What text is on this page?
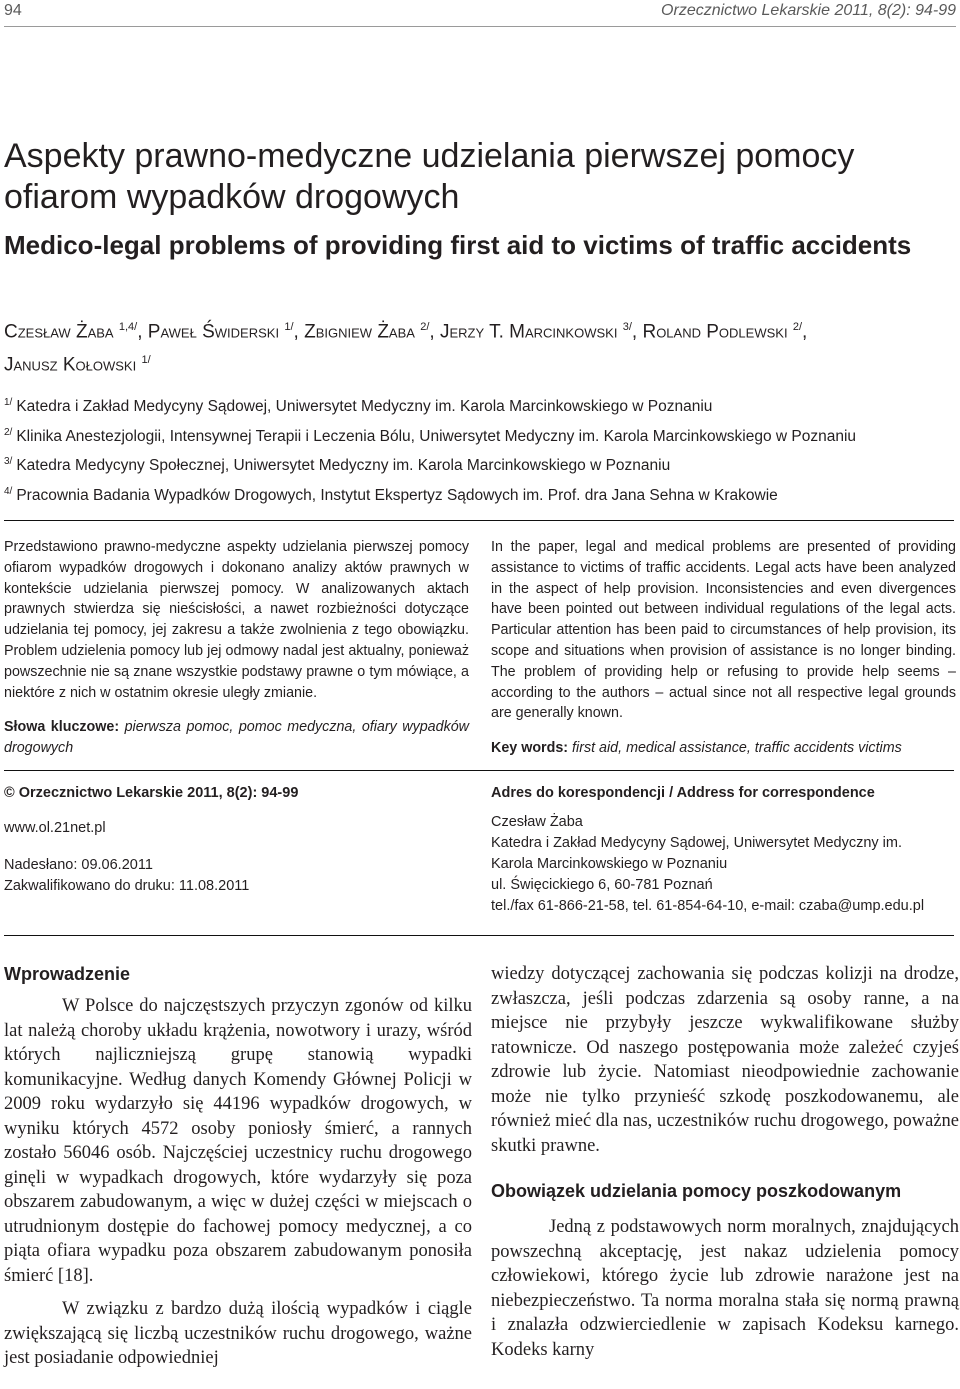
94	Orzecznictwo Lekarskie 2011, 8(2): 94-99
Aspekty prawno-medyczne udzielania pierwszej pomocy ofiarom wypadków drogowych
Medico-legal problems of providing first aid to victims of traffic accidents
Czesław Żaba $^{1,4/}$, Paweł Świderski $^{1/}$, Zbigniew Żaba $^{2/}$, Jerzy T. Marcinkowski $^{3/}$, Roland Podlewski $^{2/}$,
Janusz Kołowski $^{1/}$
$^{1/}$ Katedra i Zakład Medycyny Sądowej, Uniwersytet Medyczny im. Karola Marcinkowskiego w Poznaniu
$^{2/}$ Klinika Anestezjologii, Intensywnej Terapii i Leczenia Bólu, Uniwersytet Medyczny im. Karola Marcinkowskiego w Poznaniu
$^{3/}$ Katedra Medycyny Społecznej, Uniwersytet Medyczny im. Karola Marcinkowskiego w Poznaniu
$^{4/}$ Pracownia Badania Wypadków Drogowych, Instytut Ekspertyz Sądowych im. Prof. dra Jana Sehna w Krakowie

Przedstawiono prawno-medyczne aspekty udzielania pierwszej pomocy ofiarom wypadków drogowych i dokonano analizy aktów prawnych w kontekście udzielania pierwszej pomocy. W analizowanych aktach prawnych stwierdza się nieścisłości, a nawet rozbieżności dotyczące udzielania tej pomocy, jej zakresu a także zwolnienia z tego obowiązku. Problem udzielenia pomocy lub jej odmowy nadal jest aktualny, ponieważ powszechnie nie są znane wszystkie podstawy prawne o tym mówiące, a niektóre z nich w ostatnim okresie uległy zmianie.

Słowa kluczowe: pierwsza pomoc, pomoc medyczna, ofiary wypadków drogowych

In the paper, legal and medical problems are presented of providing assistance to victims of traffic accidents. Legal acts have been analyzed in the aspect of help provision. Inconsistencies and even divergences have been pointed out between individual regulations of the legal acts. Particular attention has been paid to circumstances of help provision, its scope and situations when provision of assistance is no longer binding. The problem of providing help or refusing to provide help seems – according to the authors – actual since not all respective legal grounds are generally known.

Key words: first aid, medical assistance, traffic accidents victims

© Orzecznictwo Lekarskie 2011, 8(2): 94-99
www.ol.21net.pl
Nadesłano: 09.06.2011
Zakwalifikowano do druku: 11.08.2011
Adres do korespondencji / Address for correspondence
Czesław Żaba
Katedra i Zakład Medycyny Sądowej, Uniwersytet Medyczny im.
Karola Marcinkowskiego w Poznaniu
ul. Święcickiego 6, 60-781 Poznań
tel./fax 61-866-21-58, tel. 61-854-64-10, e-mail: czaba@ump.edu.pl
Wprowadzenie

W Polsce do najczęstszych przyczyn zgonów od kilku lat należą choroby układu krążenia, nowotwory i urazy, wśród których najliczniejszą grupę stanowią wypadki komunikacyjne. Według danych Komendy Głównej Policji w 2009 roku wydarzyło się 44196 wypadków drogowych, w wyniku których 4572 osoby poniosły śmierć, a rannych zostało 56046 osób. Najczęściej uczestnicy ruchu drogowego ginęli w wypadkach drogowych, które wydarzyły się poza obszarem zabudowanym, a więc w dużej części w miejscach o utrudnionym dostępie do fachowej pomocy medycznej, a co piąta ofiara wypadku poza obszarem zabudowanym ponosiła śmierć [18].

W związku z bardzo dużą ilością wypadków i ciągle zwiększającą się liczbą uczestników ruchu drogowego, ważne jest posiadanie odpowiedniej

wiedzy dotyczącej zachowania się podczas kolizji na drodze, zwłaszcza, jeśli podczas zdarzenia są osoby ranne, a na miejsce nie przybyły jeszcze wykwalifikowane służby ratownicze. Od naszego postępowania może zależeć czyjeś zdrowie lub życie. Natomiast nieodpowiednie zachowanie może nie tylko przynieść szkodę poszkodowanemu, ale również mieć dla nas, uczestników ruchu drogowego, poważne skutki prawne.

Obowiązek udzielania pomocy poszkodowanym

Jedną z podstawowych norm moralnych, znajdujących powszechną akceptację, jest nakaz udzielenia pomocy człowiekowi, którego życie lub zdrowie narażone jest na niebezpieczeństwo. Ta norma moralna stała się normą prawną i znalazła odzwierciedlenie w zapisach Kodeksu karnego. Kodeks karny
